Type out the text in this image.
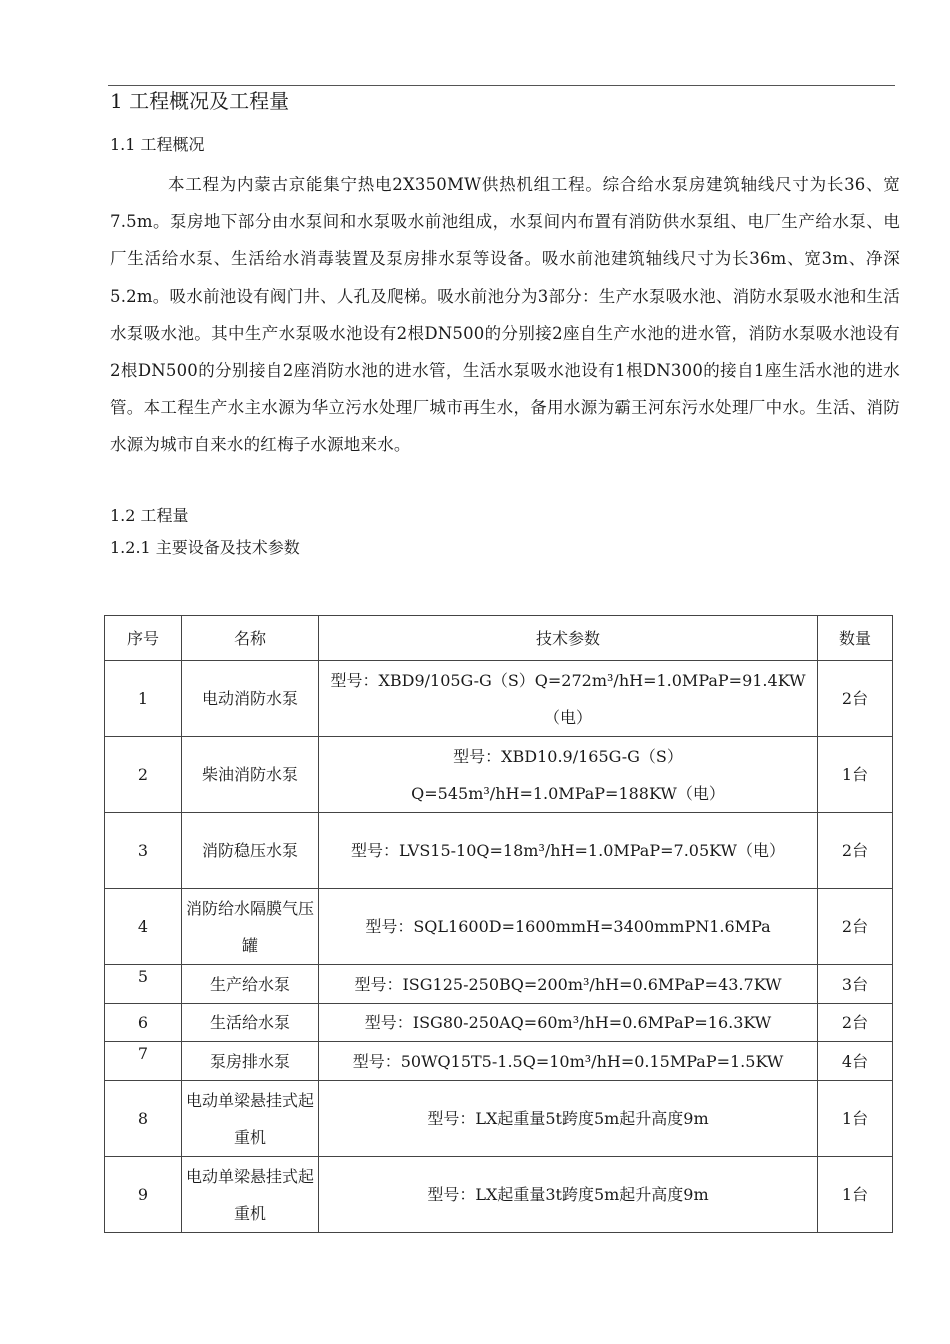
1 工程概况及工程量
1.1 工程概况

本工程为内蒙古京能集宁热电2X350MW供热机组工程。综合给水泵房建筑轴线尺寸为长36、宽7.5m。泵房地下部分由水泵间和水泵吸水前池组成，水泵间内布置有消防供水泵组、电厂生产给水泵、电厂生活给水泵、生活给水消毒装置及泵房排水泵等设备。吸水前池建筑轴线尺寸为长36m、宽3m、净深5.2m。吸水前池设有阀门井、人孔及爬梯。吸水前池分为3部分：生产水泵吸水池、消防水泵吸水池和生活水泵吸水池。其中生产水泵吸水池设有2根DN500的分别接2座自生产水池的进水管，消防水泵吸水池设有2根DN500的分别接自2座消防水池的进水管，生活水泵吸水池设有1根DN300的接自1座生活水池的进水管。本工程生产水主水源为华立污水处理厂城市再生水，备用水源为霸王河东污水处理厂中水。生活、消防水源为城市自来水的红梅子水源地来水。

1.2 工程量
1.2.1 主要设备及技术参数
序号	名称	技术参数	数量
1	电动消防水泵	型号：XBD9/105G-G（S）Q=272m³/hH=1.0MPaP=91.4KW（电）	2台
2	柴油消防水泵	型号：XBD10.9/165G-G（S）Q=545m³/hH=1.0MPaP=188KW（电）	1台
3	消防稳压水泵	型号：LVS15-10Q=18m³/hH=1.0MPaP=7.05KW（电）	2台
4	消防给水隔膜气压罐	型号：SQL1600D=1600mmH=3400mmPN1.6MPa	2台
5	生产给水泵	型号：ISG125-250BQ=200m³/hH=0.6MPaP=43.7KW	3台
6	生活给水泵	型号：ISG80-250AQ=60m³/hH=0.6MPaP=16.3KW	2台
7	泵房排水泵	型号：50WQ15T5-1.5Q=10m³/hH=0.15MPaP=1.5KW	4台
8	电动单梁悬挂式起重机	型号：LX起重量5t跨度5m起升高度9m	1台
9	电动单梁悬挂式起重机	型号：LX起重量3t跨度5m起升高度9m	1台
